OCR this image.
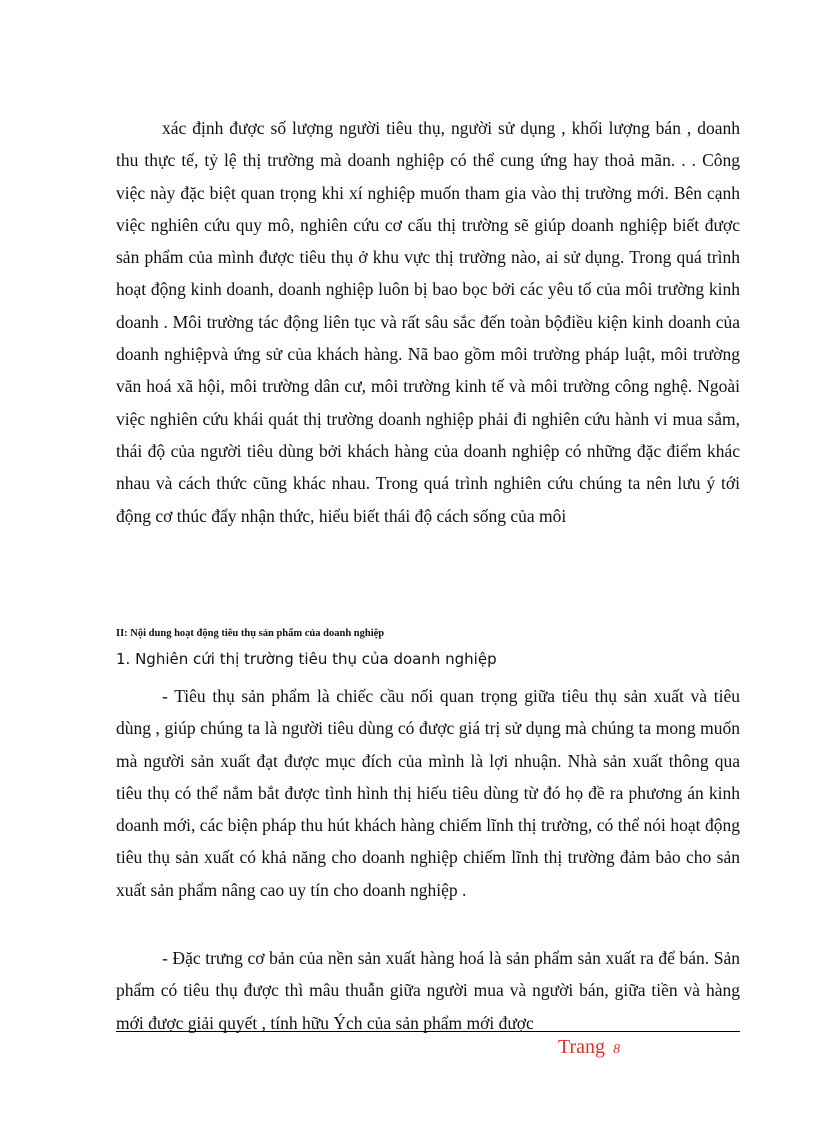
xác định được số lượng người tiêu thụ, người sử dụng , khối lượng bán , doanh thu thực tế, tỷ lệ thị trường mà doanh nghiệp có thể cung ứng hay thoả mãn. . . Công việc này đặc biệt quan trọng khi xí nghiệp muốn tham gia vào thị trường mới. Bên cạnh việc nghiên cứu quy mô, nghiên cứu cơ cấu thị trường sẽ giúp doanh nghiệp biết được sản phẩm của mình được tiêu thụ ở khu vực thị trường nào, ai sử dụng. Trong quá trình hoạt động kinh doanh, doanh nghiệp luôn bị bao bọc bởi các yêu tố của môi trường kinh doanh . Môi trường tác động liên tục và rất sâu sắc đến toàn bộđiều kiện kinh doanh của doanh nghiệpvà ứng sử của khách hàng. Nã bao gồm môi trường pháp luật, môi trường văn hoá xã hội, môi trường dân cư, môi trường kinh tế và môi trường công nghệ. Ngoài việc nghiên cứu khái quát thị trường doanh nghiệp phải đi nghiên cứu hành vi mua sắm, thái độ của người tiêu dùng bởi khách hàng của doanh nghiệp có những đặc điểm khác nhau và cách thức cũng khác nhau. Trong quá trình nghiên cứu chúng ta nên lưu ý tới động cơ thúc đẩy nhận thức, hiểu biết thái độ cách sống của môi

II: Nội dung hoạt động tiêu thụ sản phẩm của doanh nghiệp

1. Nghiên cứi thị trường tiêu thụ của doanh nghiệp

- Tiêu thụ sản phẩm là chiếc cầu nối quan trọng giữa tiêu thụ sản xuất và tiêu dùng , giúp chúng ta là người tiêu dùng có được giá trị sử dụng mà chúng ta mong muốn mà người sản xuất đạt được mục đích của mình là lợi nhuận. Nhà sản xuất thông qua tiêu thụ có thể nắm bắt được tình hình thị hiếu tiêu dùng từ đó họ đề ra phương án kinh doanh mới, các biện pháp thu hút khách hàng chiếm lĩnh thị trường, có thể nói hoạt động tiêu thụ sản xuất có khả năng cho doanh nghiệp chiếm lĩnh thị trường đảm bảo cho sản xuất sản phẩm nâng cao uy tín cho doanh nghiệp .

- Đặc trưng cơ bản của nền sản xuất hàng hoá là sản phẩm sản xuất ra để bán. Sản phẩm có tiêu thụ được thì mâu thuẫn giữa người mua và người bán, giữa tiền và hàng mới được giải quyết , tính hữu Ých của sản phẩm mới được

Trang 8
